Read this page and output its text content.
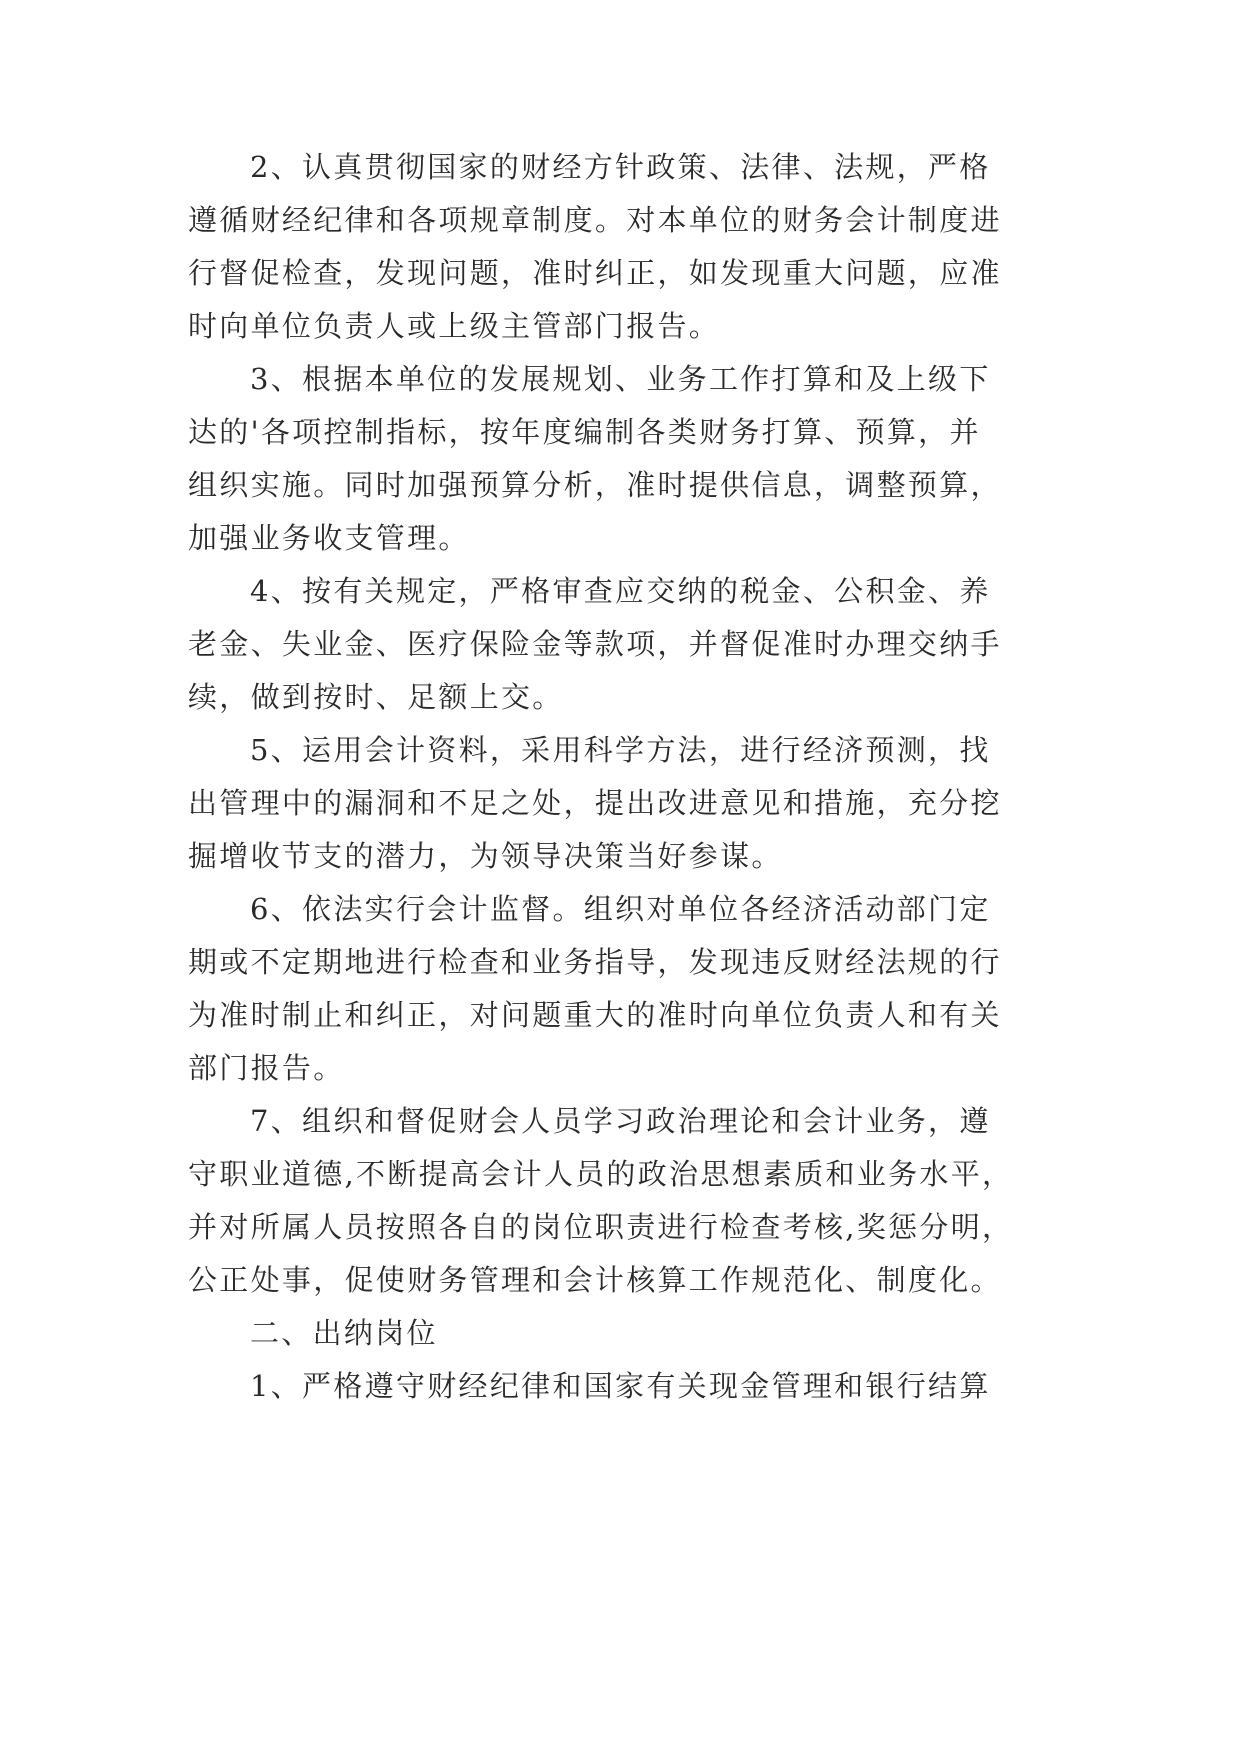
2、认真贯彻国家的财经方针政策、法律、法规，严格

遵循财经纪律和各项规章制度。对本单位的财务会计制度进

行督促检查，发现问题，准时纠正，如发现重大问题，应准

时向单位负责人或上级主管部门报告。

3、根据本单位的发展规划、业务工作打算和及上级下

达的'各项控制指标，按年度编制各类财务打算、预算，并

组织实施。同时加强预算分析，准时提供信息，调整预算，

加强业务收支管理。

4、按有关规定，严格审查应交纳的税金、公积金、养

老金、失业金、医疗保险金等款项，并督促准时办理交纳手

续，做到按时、足额上交。

5、运用会计资料，采用科学方法，进行经济预测，找

出管理中的漏洞和不足之处，提出改进意见和措施，充分挖

掘增收节支的潜力，为领导决策当好参谋。

6、依法实行会计监督。组织对单位各经济活动部门定

期或不定期地进行检查和业务指导，发现违反财经法规的行

为准时制止和纠正，对问题重大的准时向单位负责人和有关

部门报告。

7、组织和督促财会人员学习政治理论和会计业务，遵

守职业道德,不断提高会计人员的政治思想素质和业务水平，

并对所属人员按照各自的岗位职责进行检查考核,奖惩分明，

公正处事，促使财务管理和会计核算工作规范化、制度化。

二、出纳岗位

1、严格遵守财经纪律和国家有关现金管理和银行结算
